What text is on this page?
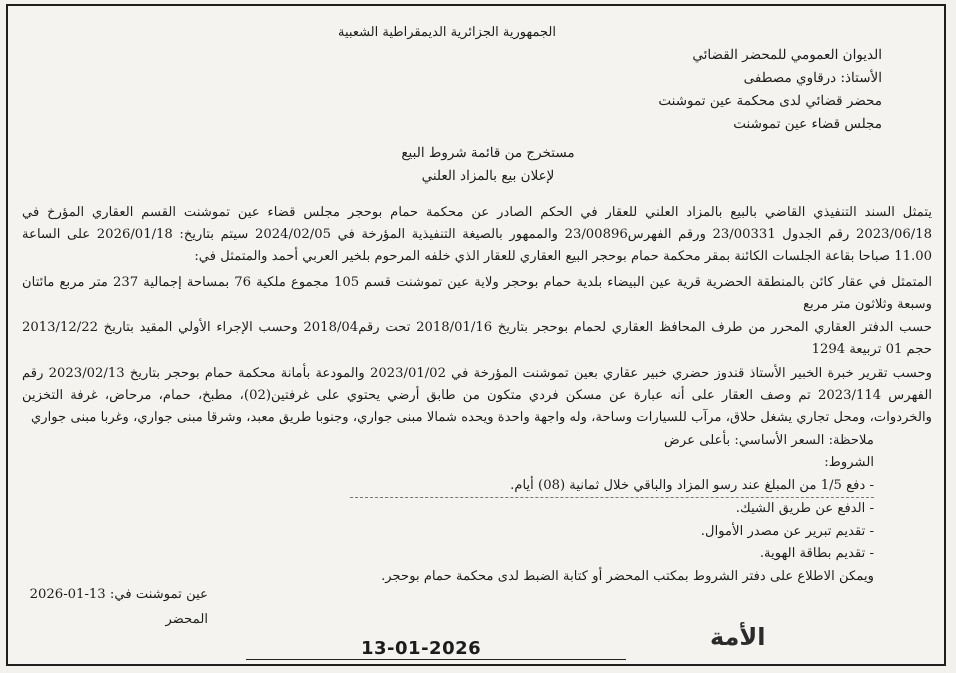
الجمهورية الجزائرية الديمقراطية الشعبية
الديوان العمومي للمحضر القضائي
الأستاذ: درقاوي مصطفى
محضر قضائي لدى محكمة عين تموشنت
مجلس قضاء عين تموشنت
مستخرج من قائمة شروط البيع
لإعلان بيع بالمزاد العلني
يتمثل السند التنفيذي القاضي بالبيع بالمزاد العلني للعقار في الحكم الصادر عن محكمة حمام بوحجر مجلس قضاء عين تموشنت القسم العقاري المؤرخ في 2023/06/18 رقم الجدول 23/00331 ورقم الفهرس23/00896 والممهور بالصيغة التنفيذية المؤرخة في 2024/02/05 سيتم بتاريخ: 2026/01/18 على الساعة 11.00 صباحا بقاعة الجلسات الكائنة بمقر محكمة حمام بوحجر البيع العقاري للعقار الذي خلفه المرحوم بلخير العربي أحمد والمتمثل في:
المتمثل في عقار كائن بالمنطقة الحضرية قرية عين البيضاء بلدية حمام بوحجر ولاية عين تموشنت قسم 105 مجموع ملكية 76 بمساحة إجمالية 237 متر مربع مائتان وسبعة وثلاثون متر مربع
حسب الدفتر العقاري المحرر من طرف المحافظ العقاري لحمام بوحجر بتاريخ 2018/01/16 تحت رقم2018/04 وحسب الإجراء الأولي المقيد بتاريخ 2013/12/22 حجم 01 تربيعة 1294
وحسب تقرير خبرة الخبير الأستاذ قندوز حضري خبير عقاري بعين تموشنت المؤرخة في 2023/01/02 والمودعة بأمانة محكمة حمام بوحجر بتاريخ 2023/02/13 رقم الفهرس 2023/114 تم وصف العقار على أنه عبارة عن مسكن فردي متكون من طابق أرضي يحتوي على غرفتين(02)، مطبخ، حمام، مرحاض، غرفة التخزين والخردوات، ومحل تجاري يشغل حلاق، مرآب للسيارات وساحة، وله واجهة واحدة ويحده شمالا مبنى جواري، وجنوبا طريق معبد، وشرقا مبنى جواري، وغربا مبنى جواري
ملاحظة: السعر الأساسي: بأعلى عرض
الشروط:
- دفع 1/5 من المبلغ عند رسو المزاد والباقي خلال ثمانية (08) أيام.
- الدفع عن طريق الشيك.
- تقديم تبرير عن مصدر الأموال.
- تقديم بطاقة الهوية.
ويمكن الاطلاع على دفتر الشروط بمكتب المحضر أو كتابة الضبط لدى محكمة حمام بوحجر.
عين تموشنت في: 13-01-2026
المحضر
الأمة
13-01-2026
